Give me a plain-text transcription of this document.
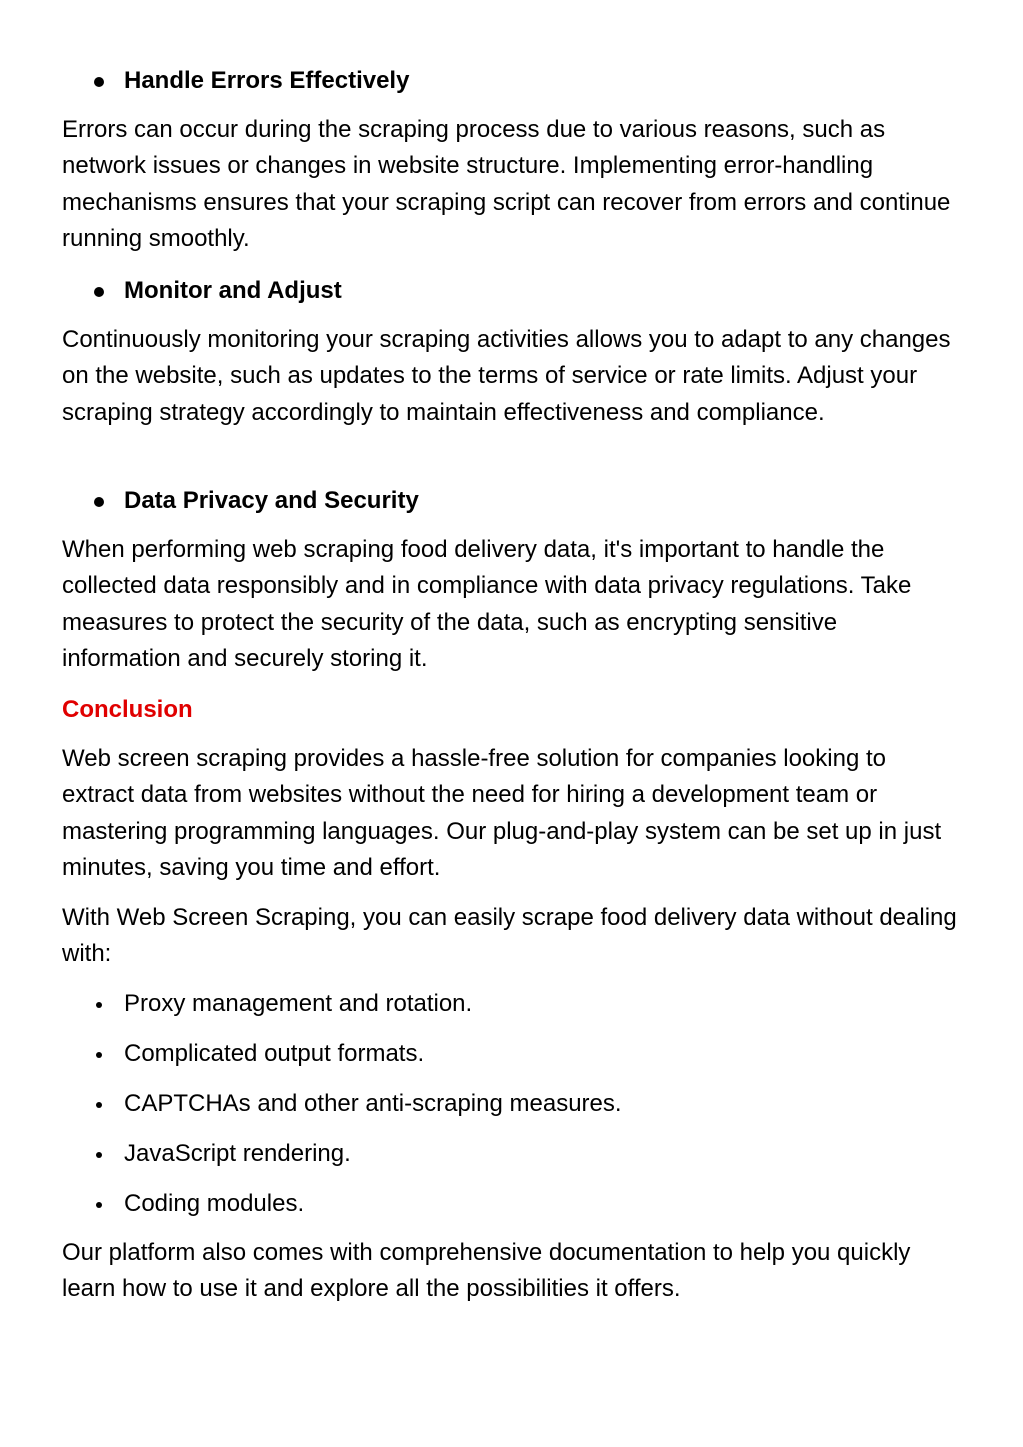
Handle Errors Effectively

Errors can occur during the scraping process due to various reasons, such as network issues or changes in website structure. Implementing error-handling mechanisms ensures that your scraping script can recover from errors and continue running smoothly.

Monitor and Adjust

Continuously monitoring your scraping activities allows you to adapt to any changes on the website, such as updates to the terms of service or rate limits. Adjust your scraping strategy accordingly to maintain effectiveness and compliance.

Data Privacy and Security

When performing web scraping food delivery data, it's important to handle the collected data responsibly and in compliance with data privacy regulations. Take measures to protect the security of the data, such as encrypting sensitive information and securely storing it.

Conclusion

Web screen scraping provides a hassle-free solution for companies looking to extract data from websites without the need for hiring a development team or mastering programming languages. Our plug-and-play system can be set up in just minutes, saving you time and effort.

With Web Screen Scraping, you can easily scrape food delivery data without dealing with:

Proxy management and rotation.
Complicated output formats.
CAPTCHAs and other anti-scraping measures.
JavaScript rendering.
Coding modules.

Our platform also comes with comprehensive documentation to help you quickly learn how to use it and explore all the possibilities it offers.
